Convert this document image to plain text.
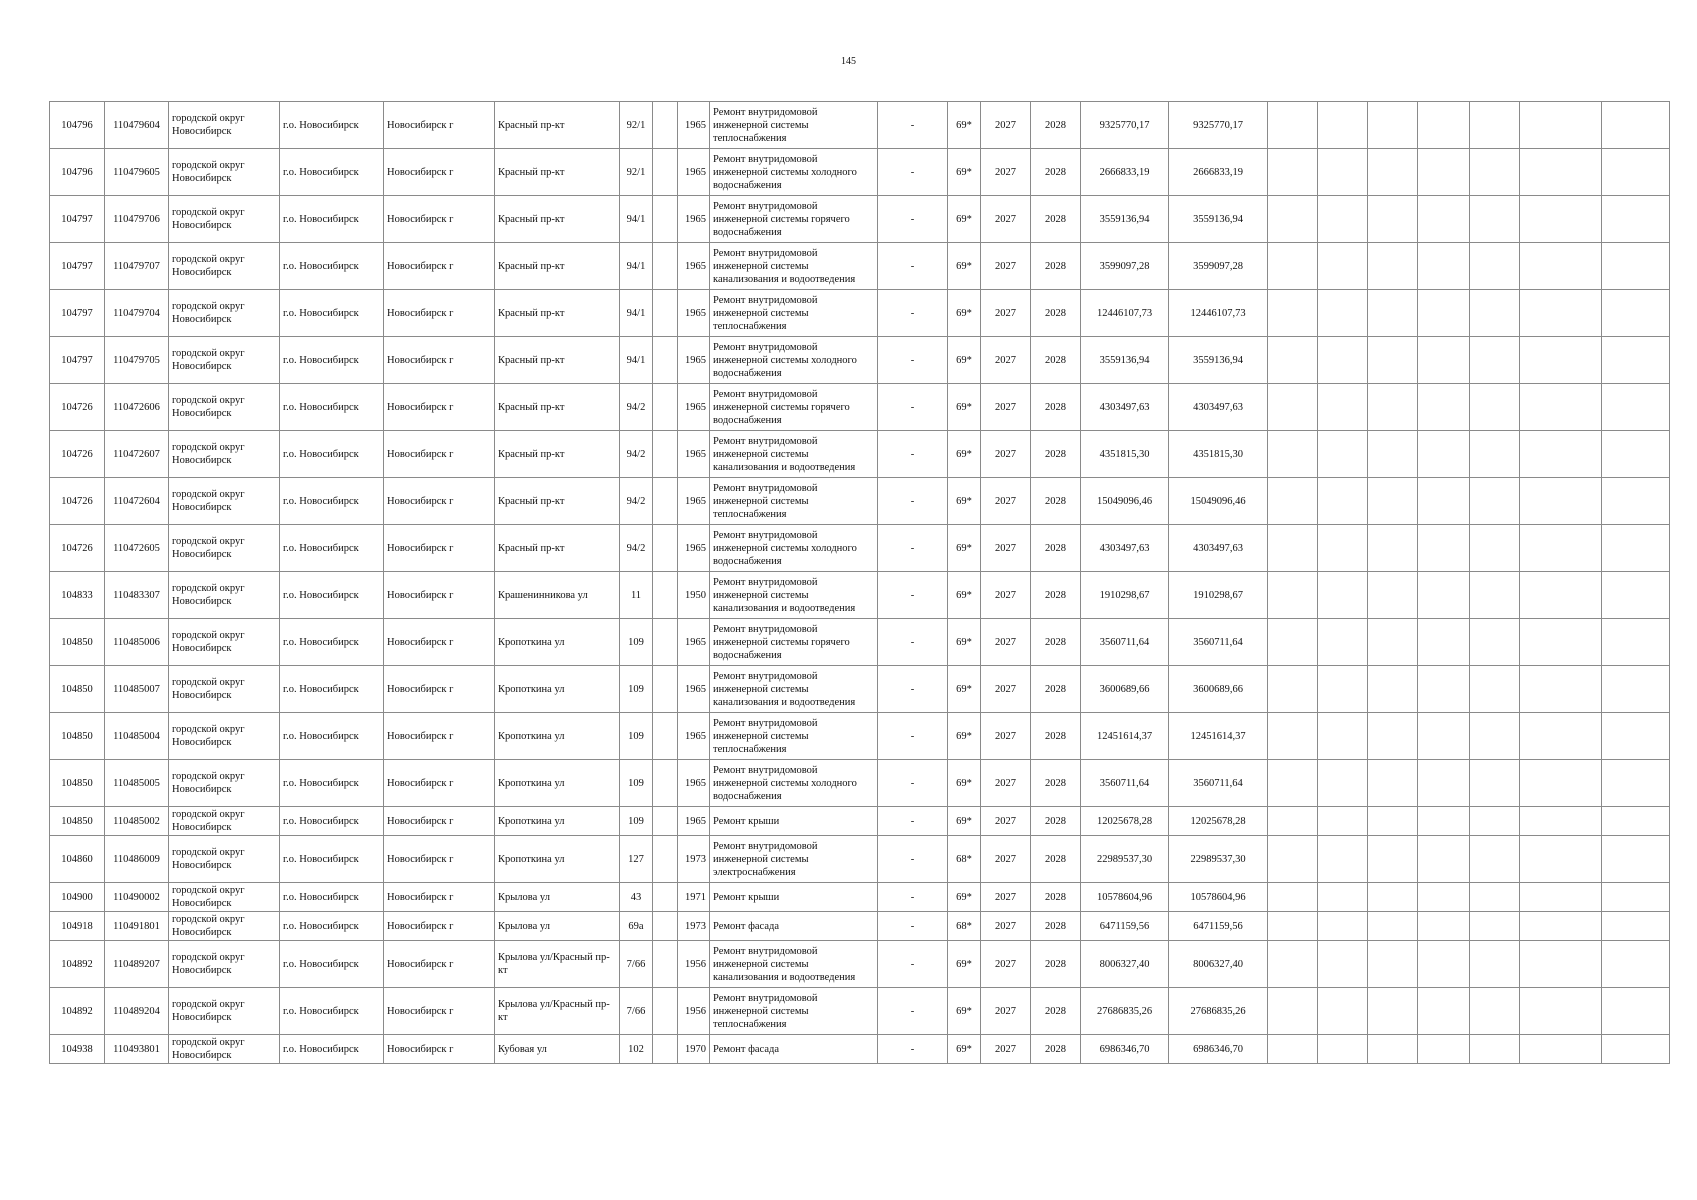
145
104796	110479604	городской округ Новосибирск	г.о. Новосибирск	Новосибирск г	Красный пр-кт	92/1		1965	Ремонт внутридомовой инженерной системы теплоснабжения	-	69*	2027	2028	9325770,17	9325770,17							
104796	110479605	городской округ Новосибирск	г.о. Новосибирск	Новосибирск г	Красный пр-кт	92/1		1965	Ремонт внутридомовой инженерной системы холодного водоснабжения	-	69*	2027	2028	2666833,19	2666833,19							
104797	110479706	городской округ Новосибирск	г.о. Новосибирск	Новосибирск г	Красный пр-кт	94/1		1965	Ремонт внутридомовой инженерной системы горячего водоснабжения	-	69*	2027	2028	3559136,94	3559136,94							
104797	110479707	городской округ Новосибирск	г.о. Новосибирск	Новосибирск г	Красный пр-кт	94/1		1965	Ремонт внутридомовой инженерной системы канализования и водоотведения	-	69*	2027	2028	3599097,28	3599097,28							
104797	110479704	городской округ Новосибирск	г.о. Новосибирск	Новосибирск г	Красный пр-кт	94/1		1965	Ремонт внутридомовой инженерной системы теплоснабжения	-	69*	2027	2028	12446107,73	12446107,73							
104797	110479705	городской округ Новосибирск	г.о. Новосибирск	Новосибирск г	Красный пр-кт	94/1		1965	Ремонт внутридомовой инженерной системы холодного водоснабжения	-	69*	2027	2028	3559136,94	3559136,94							
104726	110472606	городской округ Новосибирск	г.о. Новосибирск	Новосибирск г	Красный пр-кт	94/2		1965	Ремонт внутридомовой инженерной системы горячего водоснабжения	-	69*	2027	2028	4303497,63	4303497,63							
104726	110472607	городской округ Новосибирск	г.о. Новосибирск	Новосибирск г	Красный пр-кт	94/2		1965	Ремонт внутридомовой инженерной системы канализования и водоотведения	-	69*	2027	2028	4351815,30	4351815,30							
104726	110472604	городской округ Новосибирск	г.о. Новосибирск	Новосибирск г	Красный пр-кт	94/2		1965	Ремонт внутридомовой инженерной системы теплоснабжения	-	69*	2027	2028	15049096,46	15049096,46							
104726	110472605	городской округ Новосибирск	г.о. Новосибирск	Новосибирск г	Красный пр-кт	94/2		1965	Ремонт внутридомовой инженерной системы холодного водоснабжения	-	69*	2027	2028	4303497,63	4303497,63							
104833	110483307	городской округ Новосибирск	г.о. Новосибирск	Новосибирск г	Крашенинникова ул	11		1950	Ремонт внутридомовой инженерной системы канализования и водоотведения	-	69*	2027	2028	1910298,67	1910298,67							
104850	110485006	городской округ Новосибирск	г.о. Новосибирск	Новосибирск г	Кропоткина ул	109		1965	Ремонт внутридомовой инженерной системы горячего водоснабжения	-	69*	2027	2028	3560711,64	3560711,64							
104850	110485007	городской округ Новосибирск	г.о. Новосибирск	Новосибирск г	Кропоткина ул	109		1965	Ремонт внутридомовой инженерной системы канализования и водоотведения	-	69*	2027	2028	3600689,66	3600689,66							
104850	110485004	городской округ Новосибирск	г.о. Новосибирск	Новосибирск г	Кропоткина ул	109		1965	Ремонт внутридомовой инженерной системы теплоснабжения	-	69*	2027	2028	12451614,37	12451614,37							
104850	110485005	городской округ Новосибирск	г.о. Новосибирск	Новосибирск г	Кропоткина ул	109		1965	Ремонт внутридомовой инженерной системы холодного водоснабжения	-	69*	2027	2028	3560711,64	3560711,64							
104850	110485002	городской округ Новосибирск	г.о. Новосибирск	Новосибирск г	Кропоткина ул	109		1965	Ремонт крыши	-	69*	2027	2028	12025678,28	12025678,28							
104860	110486009	городской округ Новосибирск	г.о. Новосибирск	Новосибирск г	Кропоткина ул	127		1973	Ремонт внутридомовой инженерной системы электроснабжения	-	68*	2027	2028	22989537,30	22989537,30							
104900	110490002	городской округ Новосибирск	г.о. Новосибирск	Новосибирск г	Крылова ул	43		1971	Ремонт крыши	-	69*	2027	2028	10578604,96	10578604,96							
104918	110491801	городской округ Новосибирск	г.о. Новосибирск	Новосибирск г	Крылова ул	69а		1973	Ремонт фасада	-	68*	2027	2028	6471159,56	6471159,56							
104892	110489207	городской округ Новосибирск	г.о. Новосибирск	Новосибирск г	Крылова ул/Красный пр-кт	7/66		1956	Ремонт внутридомовой инженерной системы канализования и водоотведения	-	69*	2027	2028	8006327,40	8006327,40							
104892	110489204	городской округ Новосибирск	г.о. Новосибирск	Новосибирск г	Крылова ул/Красный пр-кт	7/66		1956	Ремонт внутридомовой инженерной системы теплоснабжения	-	69*	2027	2028	27686835,26	27686835,26							
104938	110493801	городской округ Новосибирск	г.о. Новосибирск	Новосибирск г	Кубовая ул	102		1970	Ремонт фасада	-	69*	2027	2028	6986346,70	6986346,70							
